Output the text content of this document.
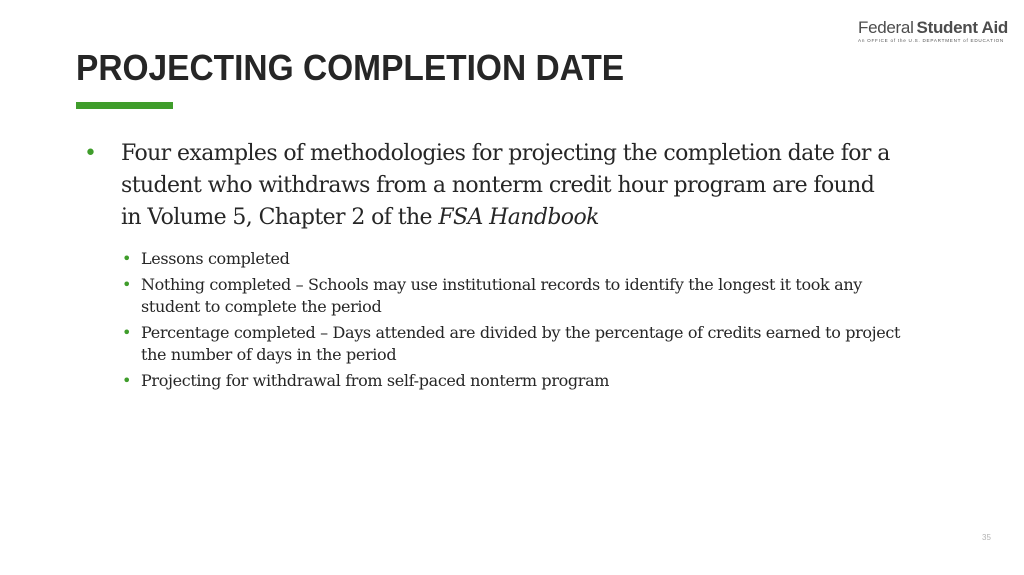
Federal Student Aid
An OFFICE of the U.S. DEPARTMENT of EDUCATION
PROJECTING COMPLETION DATE
• Four examples of methodologies for projecting the completion date for a student who withdraws from a nonterm credit hour program are found in Volume 5, Chapter 2 of the FSA Handbook
• Lessons completed
• Nothing completed – Schools may use institutional records to identify the longest it took any student to complete the period
• Percentage completed – Days attended are divided by the percentage of credits earned to project the number of days in the period
• Projecting for withdrawal from self-paced nonterm program
35
